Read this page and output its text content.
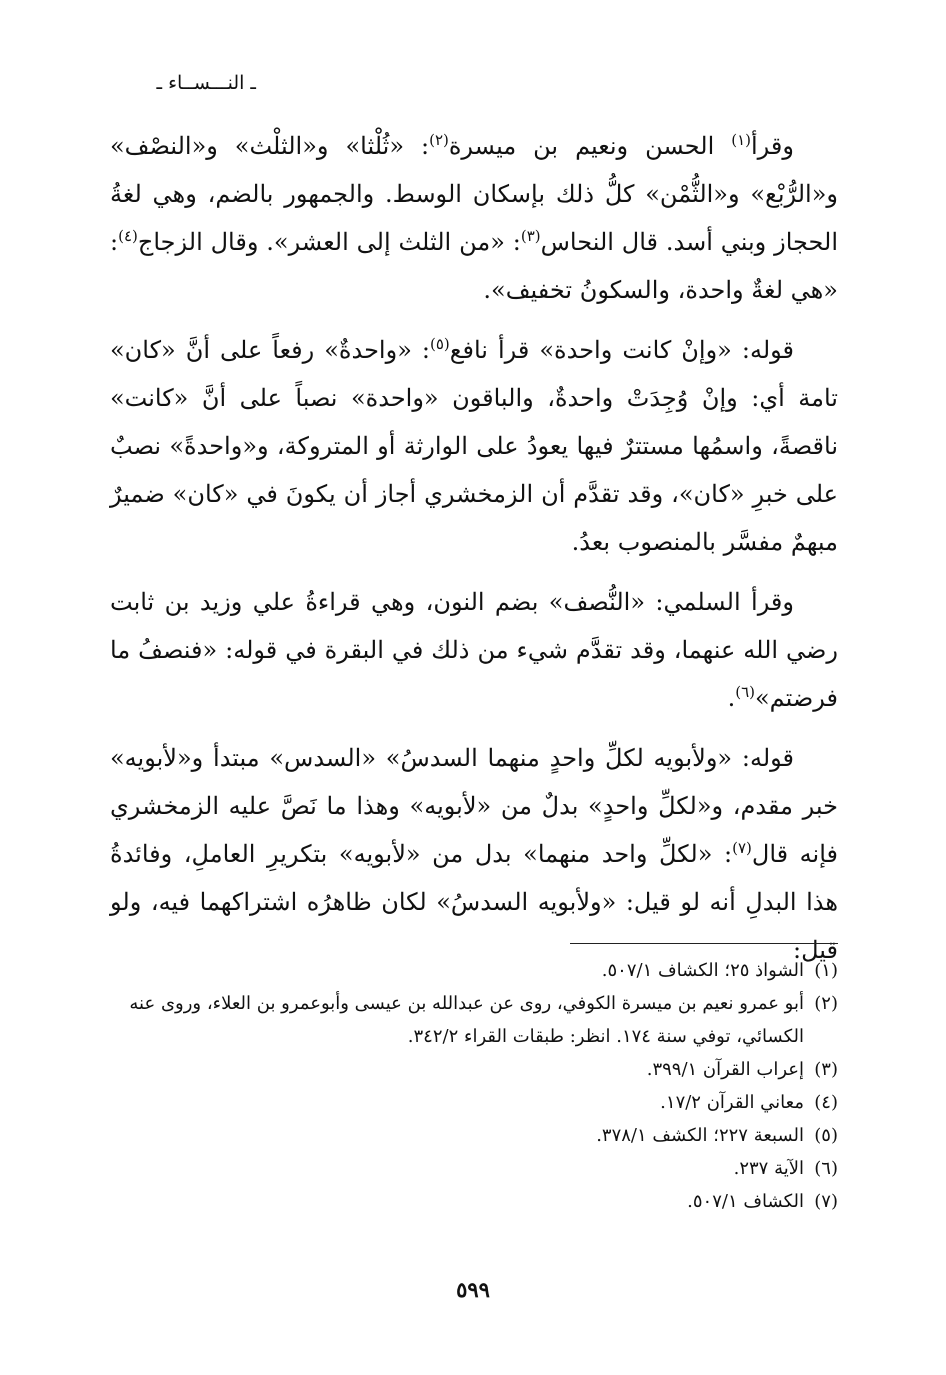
ـ النـــســاء ـ

وقرأ$^{(١)}$ الحسن ونعيم بن ميسرة$^{(٢)}$: «ثُلْثا» و«الثلْث» و«النصْف» و«الرُّبْع» و«الثُّمْن» كلُّ ذلك بإسكان الوسط. والجمهور بالضم، وهي لغةُ الحجاز وبني أسد. قال النحاس$^{(٣)}$: «من الثلث إلى العشر». وقال الزجاج$^{(٤)}$: «هي لغةٌ واحدة، والسكونُ تخفيف».

قوله: «وإنْ كانت واحدة» قرأ نافع$^{(٥)}$: «واحدةٌ» رفعاً على أنَّ «كان» تامة أي: وإنْ وُجِدَتْ واحدةٌ، والباقون «واحدة» نصباً على أنَّ «كانت» ناقصةً، واسمُها مستترٌ فيها يعودُ على الوارثة أو المتروكة، و«واحدةً» نصبٌ على خبرِ «كان»، وقد تقدَّم أن الزمخشري أجاز أن يكونَ في «كان» ضميرٌ مبهمٌ مفسَّر بالمنصوب بعدُ.

وقرأ السلمي: «النُّصف» بضم النون، وهي قراءةُ علي وزيد بن ثابت رضي الله عنهما، وقد تقدَّم شيء من ذلك في البقرة في قوله: «فنصفُ ما فرضتم»$^{(٦)}$.

قوله: «ولأبويه لكلِّ واحدٍ منهما السدسُ» «السدس» مبتدأ و«لأبويه» خبر مقدم، و«لكلِّ واحدٍ» بدلٌ من «لأبويه» وهذا ما نَصَّ عليه الزمخشري فإنه قال$^{(٧)}$: «لكلِّ واحد منهما» بدل من «لأبويه» بتكريرِ العاملِ، وفائدةُ هذا البدلِ أنه لو قيل: «ولأبويه السدسُ» لكان ظاهرُه اشتراكهما فيه، ولو قيل:

(١)
الشواذ ٢٥؛ الكشاف ٥٠٧/١.
(٢)
أبو عمرو نعيم بن ميسرة الكوفي، روى عن عبدالله بن عيسى وأبوعمرو بن العلاء، وروى عنه الكسائي، توفي سنة ١٧٤. انظر: طبقات القراء ٣٤٢/٢.
(٣)
إعراب القرآن ٣٩٩/١.
(٤)
معاني القرآن ١٧/٢.
(٥)
السبعة ٢٢٧؛ الكشف ٣٧٨/١.
(٦)
الآية ٢٣٧.
(٧)
الكشاف ٥٠٧/١.
٥٩٩
